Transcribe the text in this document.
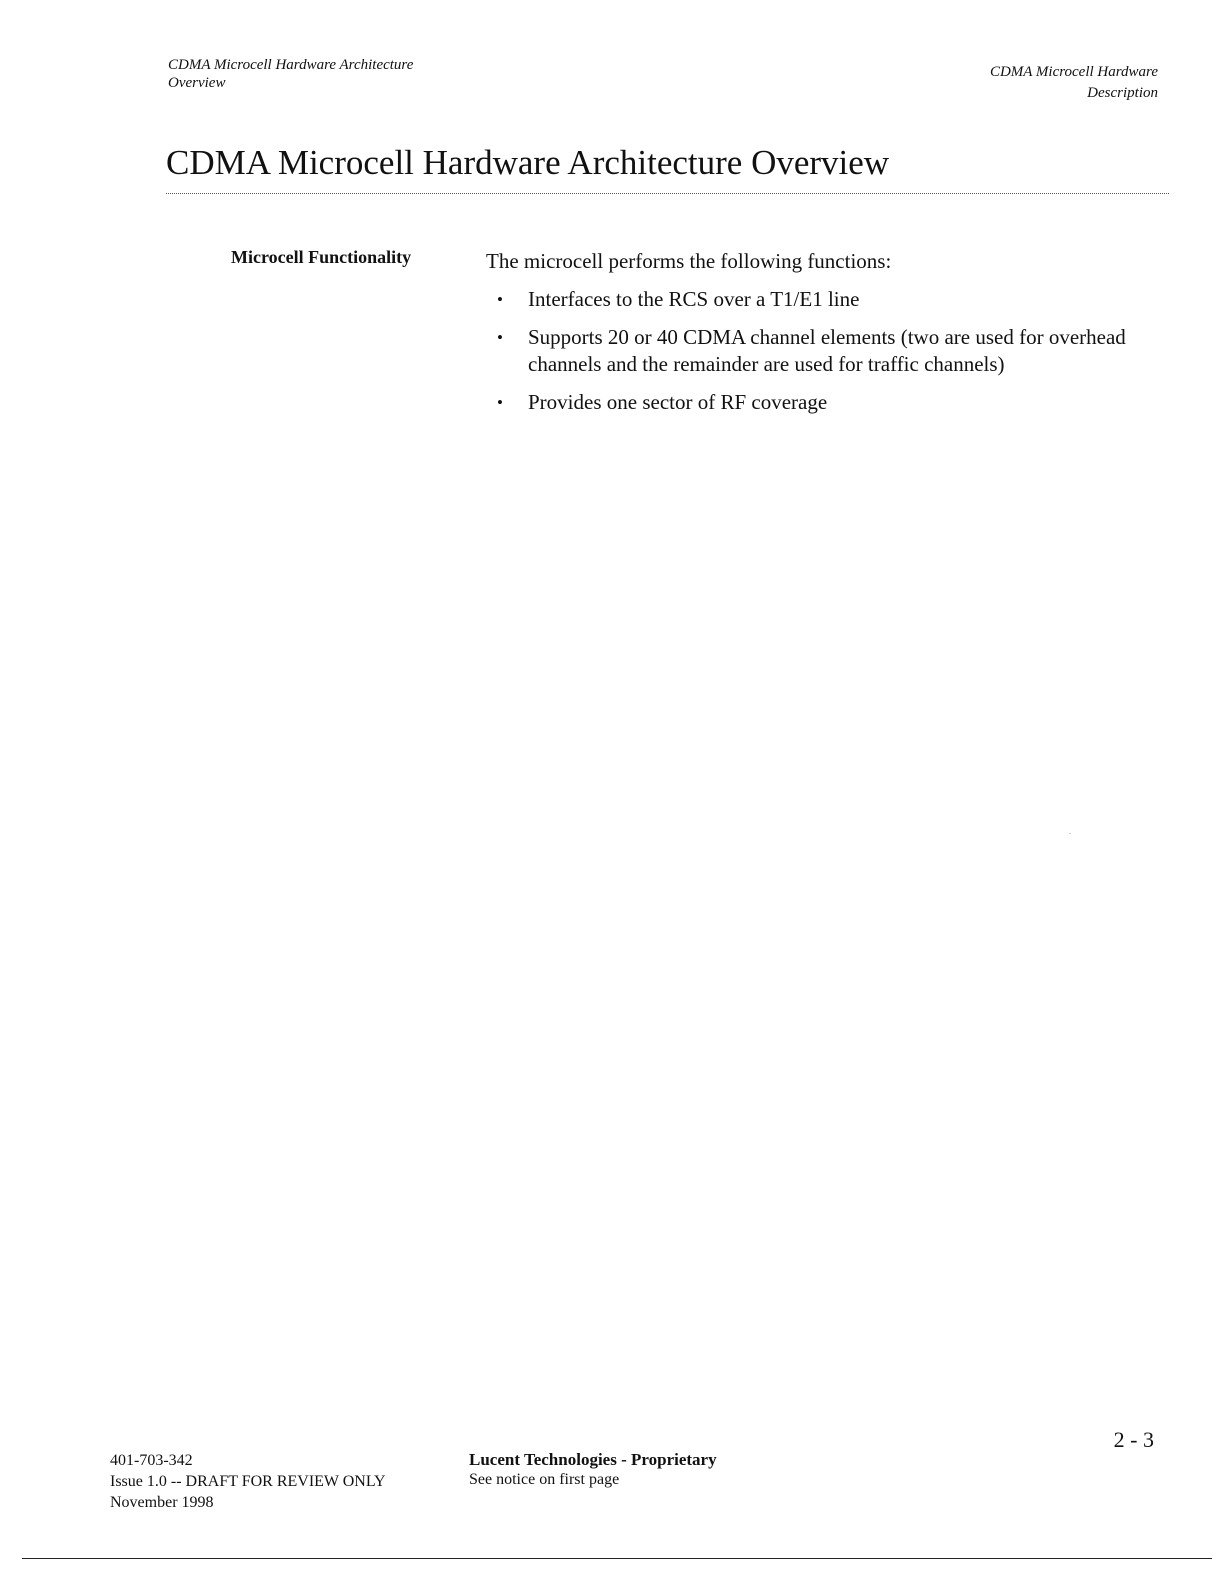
CDMA Microcell Hardware Architecture
Overview
CDMA Microcell Hardware
Description
CDMA Microcell Hardware Architecture Overview
Microcell Functionality	The microcell performs the following functions:
• Interfaces to the RCS over a T1/E1 line
• Supports 20 or 40 CDMA channel elements (two are used for overhead channels and the remainder are used for traffic channels)
• Provides one sector of RF coverage
401-703-342
Issue 1.0 -- DRAFT FOR REVIEW ONLY
November 1998
Lucent Technologies - Proprietary
See notice on first page
2 - 3
